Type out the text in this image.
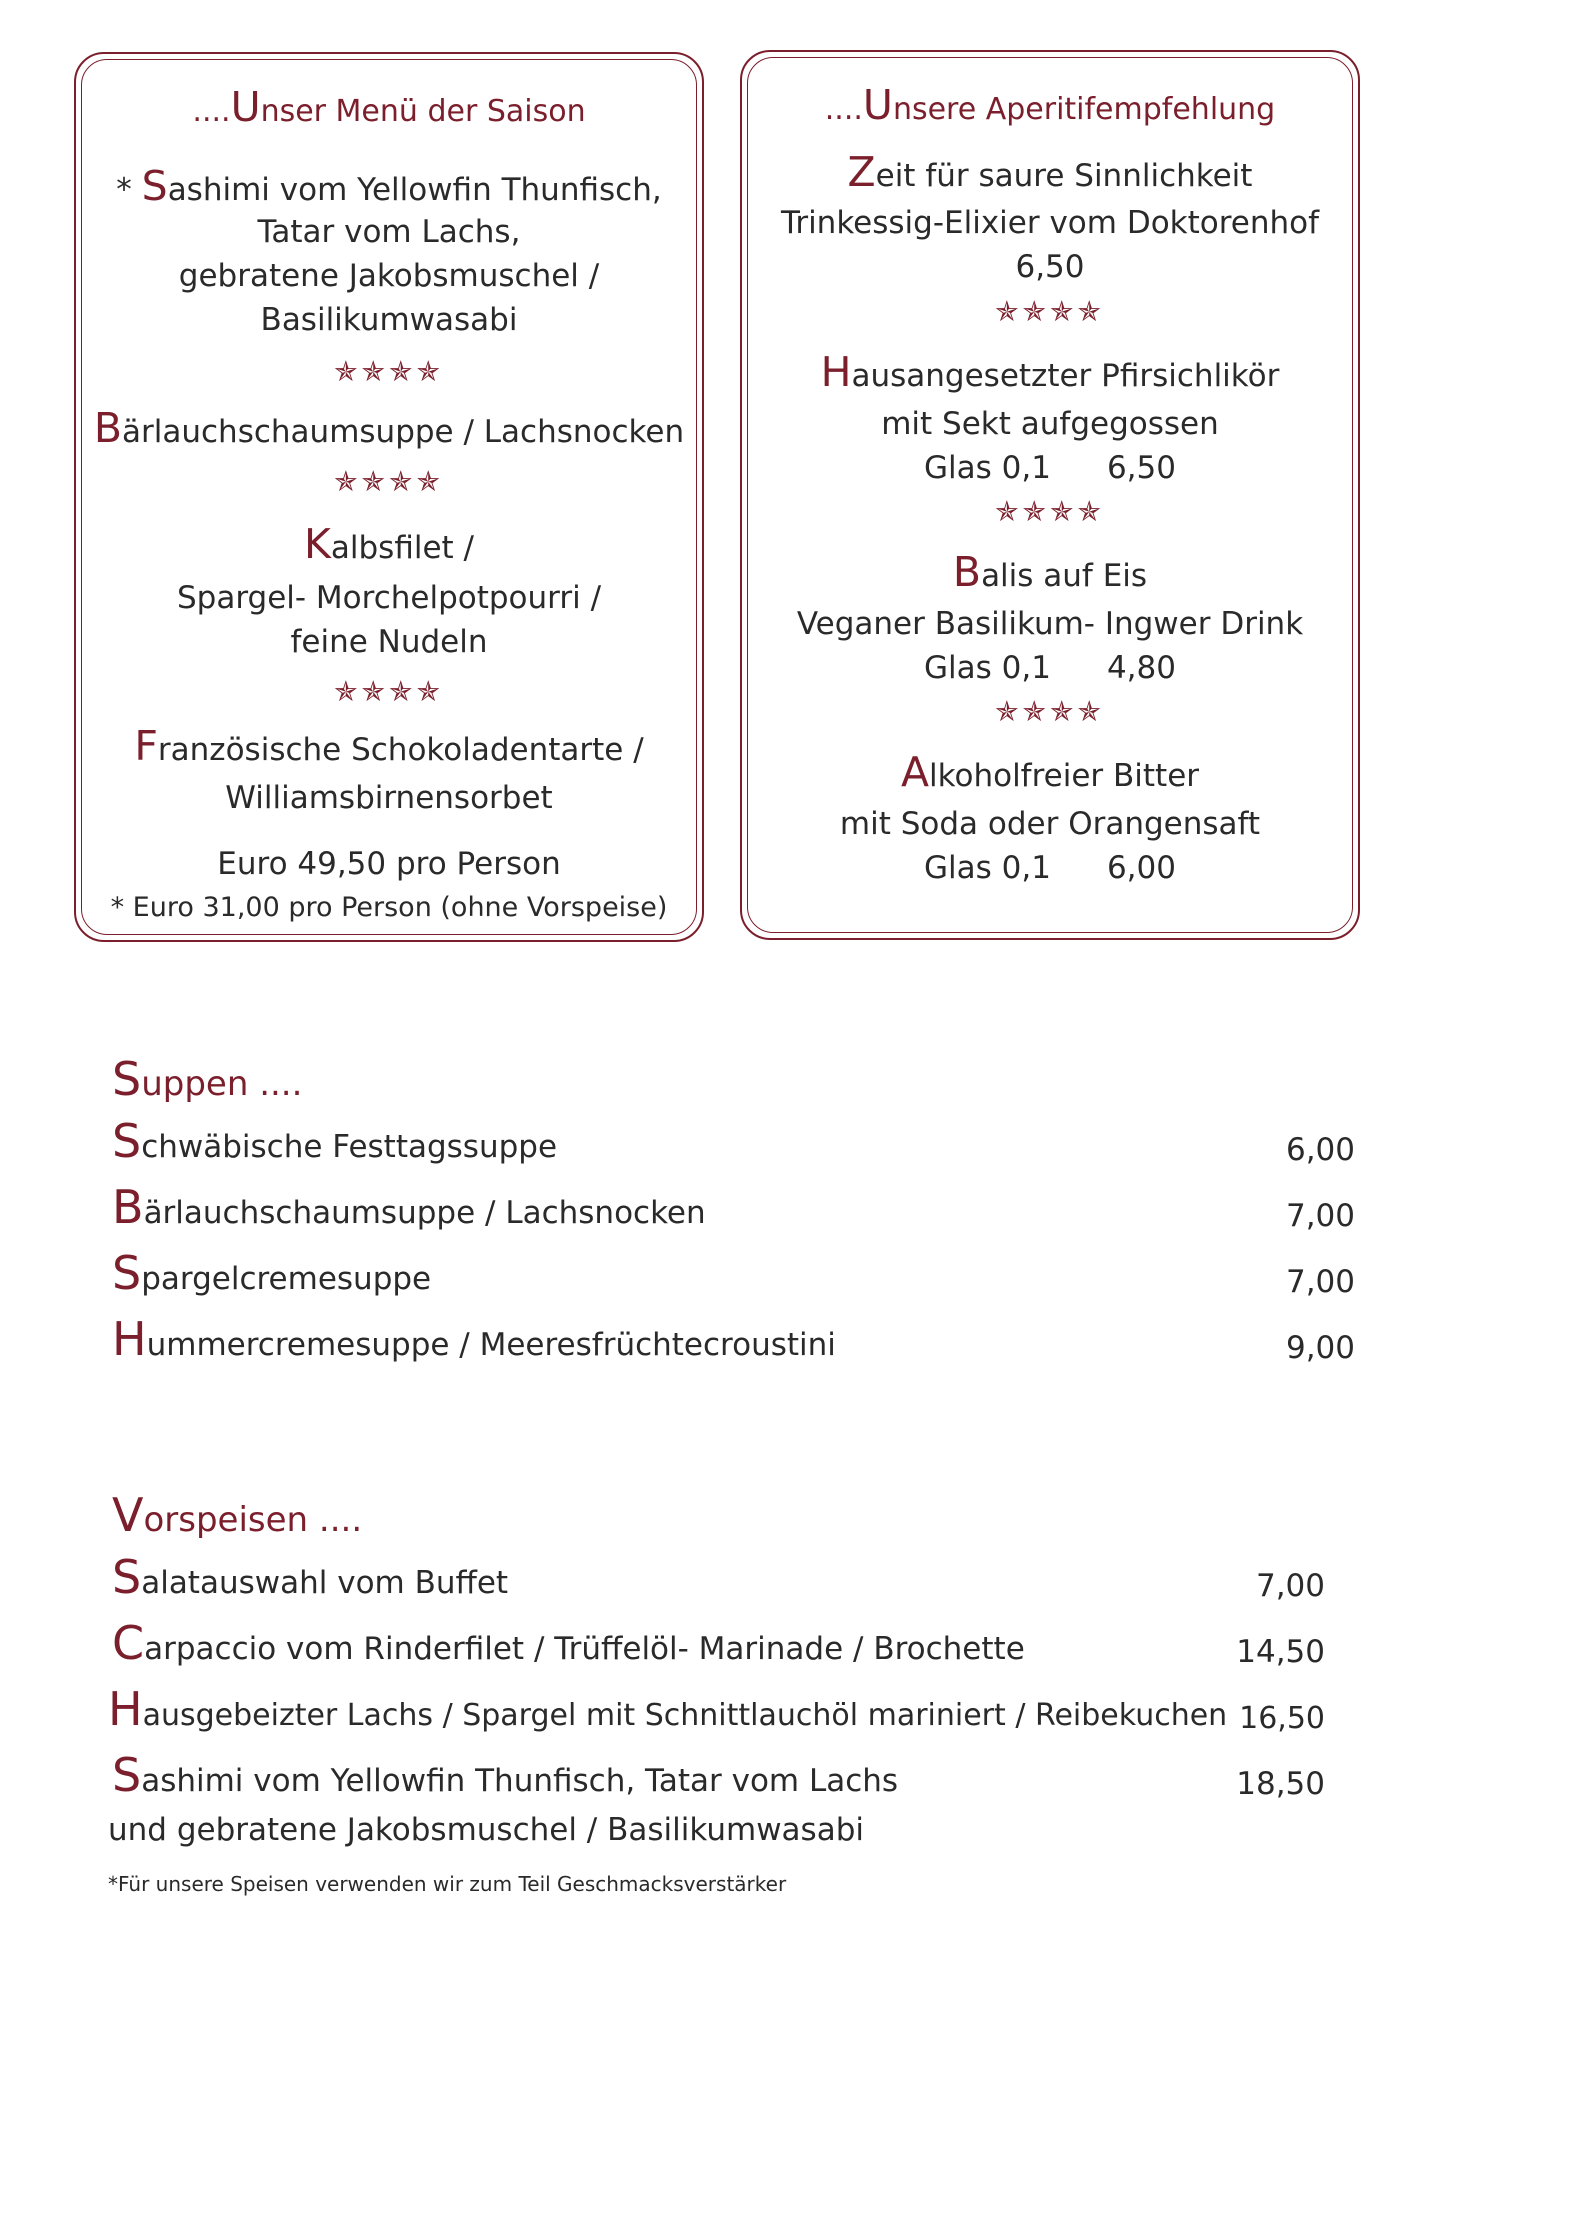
....Unser Menü der Saison
* Sashimi vom Yellowfin Thunfisch,
Tatar vom Lachs,
gebratene Jakobsmuschel /
Basilikumwasabi
✯✯✯✯
Bärlauchschaumsuppe / Lachsnocken
✯✯✯✯
Kalbsfilet /
Spargel- Morchelpotpourri /
feine Nudeln
✯✯✯✯
Französische Schokoladentarte /
Williamsbirnensorbet
Euro 49,50 pro Person
* Euro 31,00 pro Person (ohne Vorspeise)
....Unsere Aperitifempfehlung
Zeit für saure Sinnlichkeit
Trinkessig-Elixier vom Doktorenhof
6,50
✯✯✯✯
Hausangesetzter Pfirsichlikör
mit Sekt aufgegossen
Glas 0,1 6,50
✯✯✯✯
Balis auf Eis
Veganer Basilikum- Ingwer Drink
Glas 0,1 4,80
✯✯✯✯
Alkoholfreier Bitter
mit Soda oder Orangensaft
Glas 0,1 6,00
Suppen ....
Schwäbische Festtagssuppe	6,00
Bärlauchschaumsuppe / Lachsnocken	7,00
Spargelcremesuppe	7,00
Hummercremesuppe / Meeresfrüchtecroustini	9,00
Vorspeisen ....
Salatauswahl vom Buffet	7,00
Carpaccio vom Rinderfilet / Trüffelöl- Marinade / Brochette	14,50
Hausgebeizter Lachs / Spargel mit Schnittlauchöl mariniert / Reibekuchen 16,50
Sashimi vom Yellowfin Thunfisch, Tatar vom Lachs	18,50
und gebratene Jakobsmuschel / Basilikumwasabi
*Für unsere Speisen verwenden wir zum Teil Geschmacksverstärker
